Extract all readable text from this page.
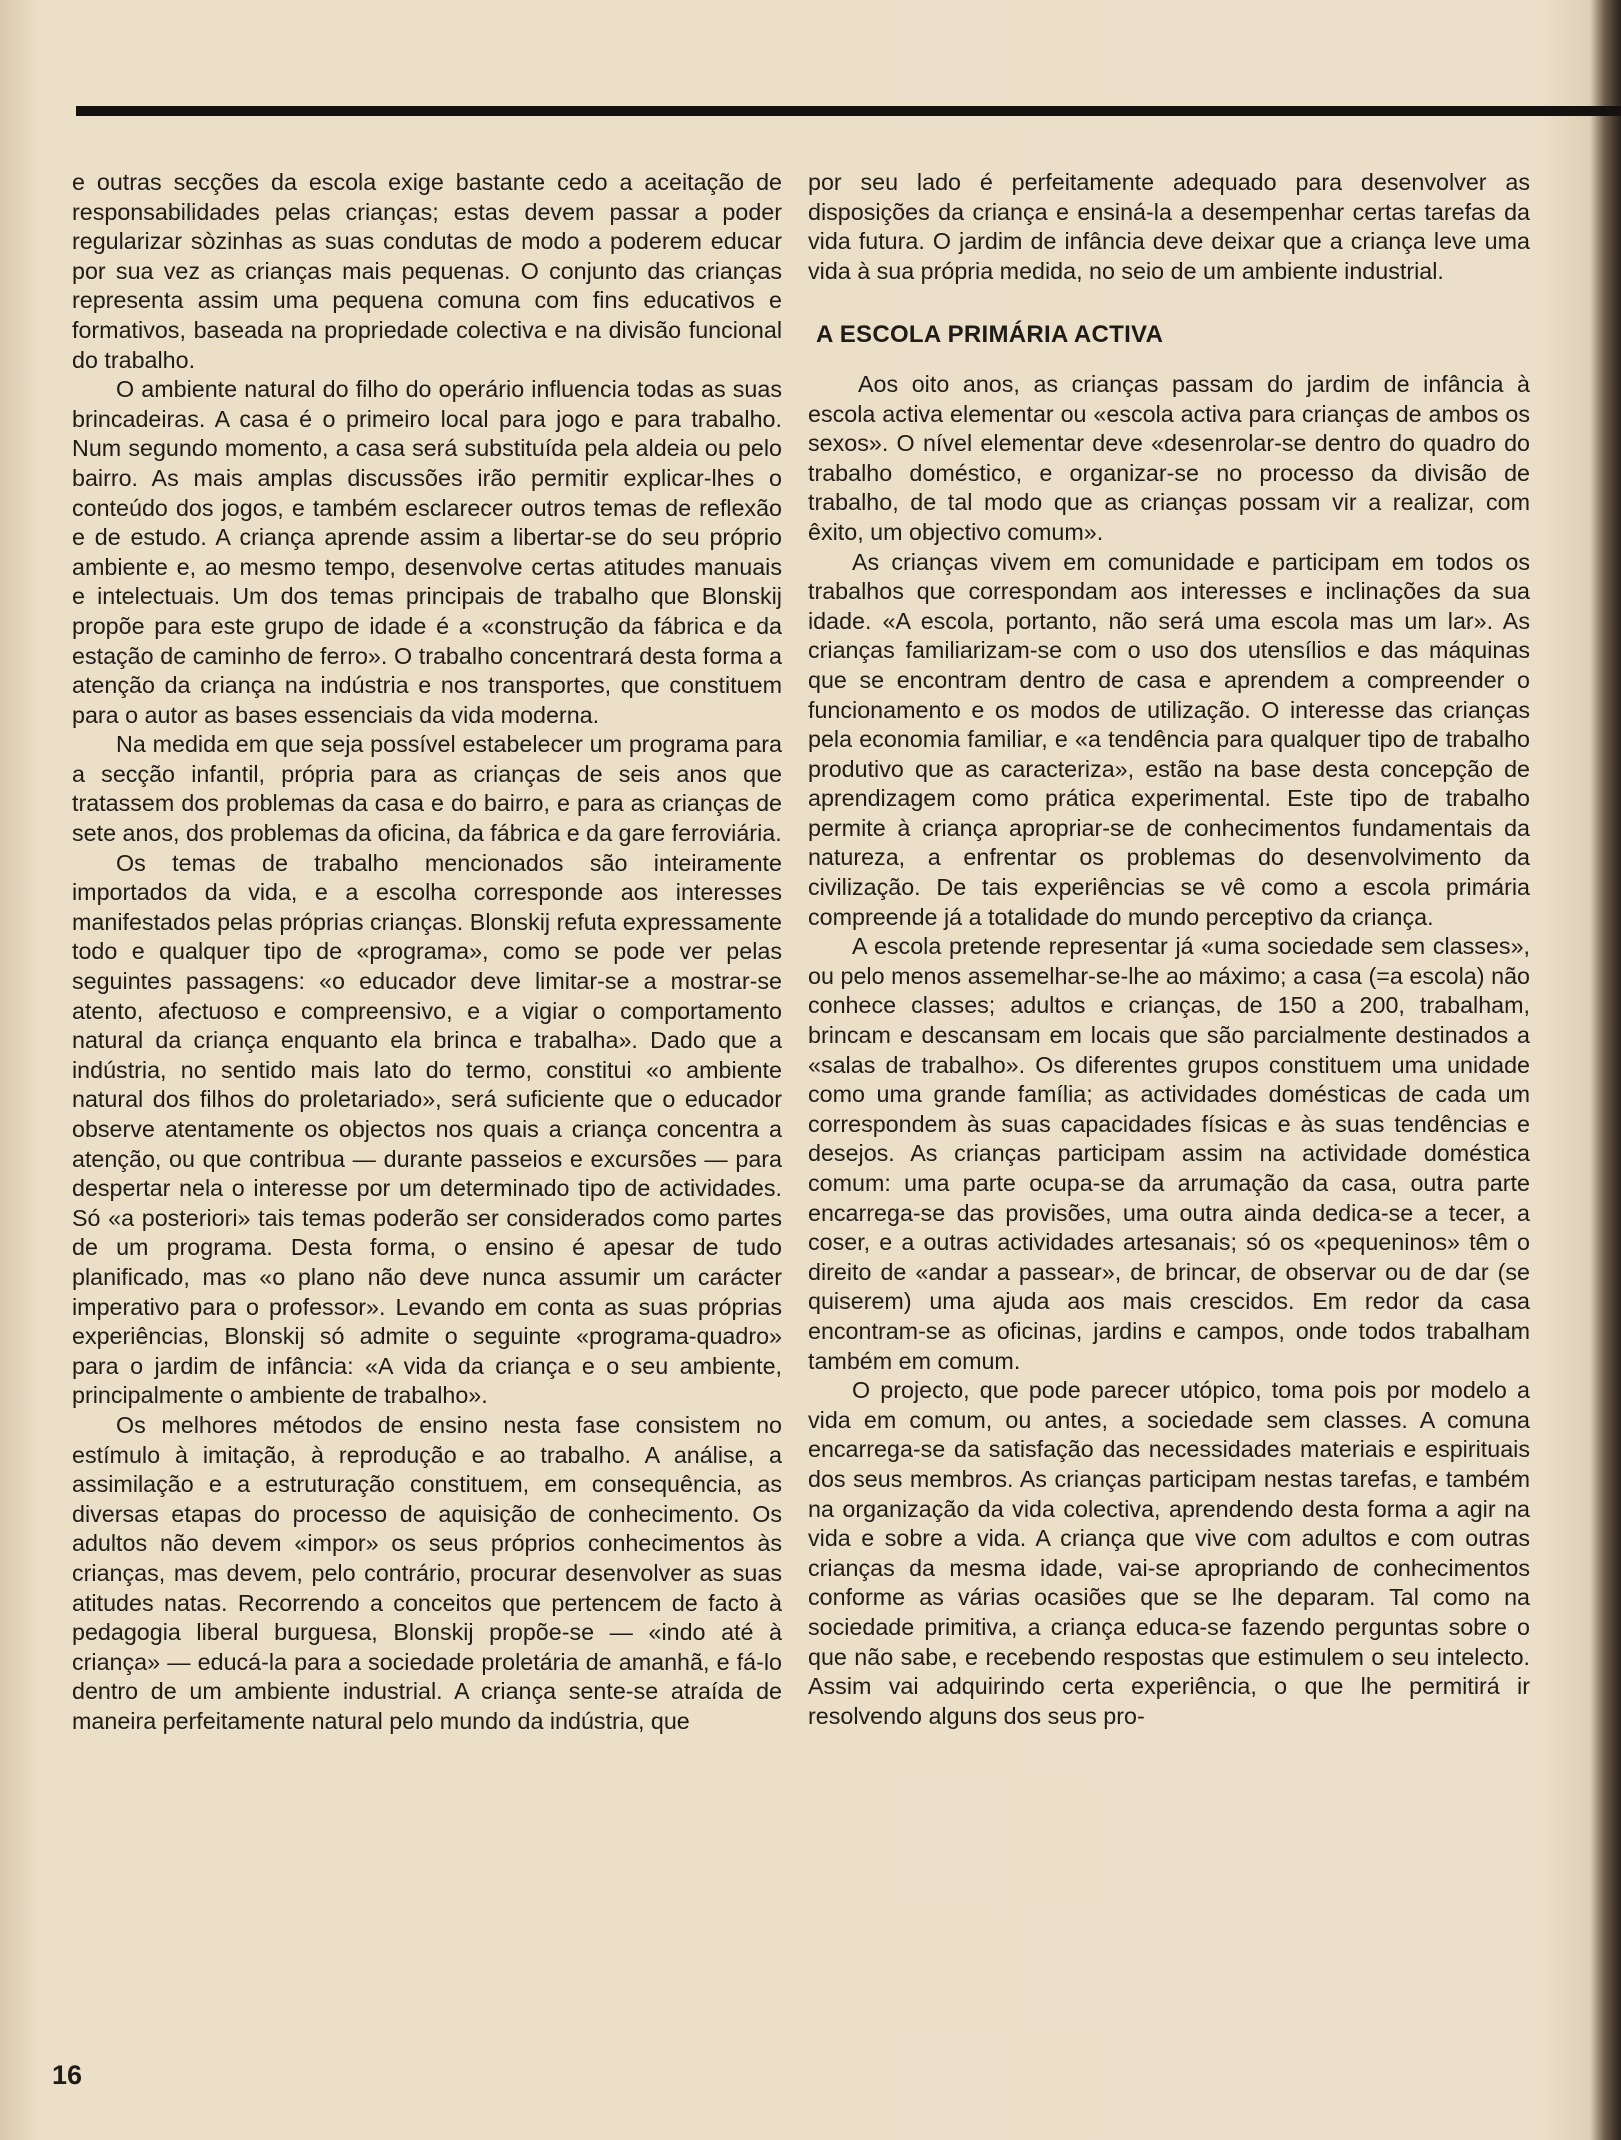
e outras secções da escola exige bastante cedo a aceitação de responsabilidades pelas crianças; estas devem passar a poder regularizar sòzinhas as suas condutas de modo a poderem educar por sua vez as crianças mais pequenas. O conjunto das crianças representa assim uma pequena comuna com fins educativos e formativos, baseada na propriedade colectiva e na divisão funcional do trabalho.

O ambiente natural do filho do operário influencia todas as suas brincadeiras. A casa é o primeiro local para jogo e para trabalho. Num segundo momento, a casa será substituída pela aldeia ou pelo bairro. As mais amplas discussões irão permitir explicar-lhes o conteúdo dos jogos, e também esclarecer outros temas de reflexão e de estudo. A criança aprende assim a libertar-se do seu próprio ambiente e, ao mesmo tempo, desenvolve certas atitudes manuais e intelectuais. Um dos temas principais de trabalho que Blonskij propõe para este grupo de idade é a «construção da fábrica e da estação de caminho de ferro». O trabalho concentrará desta forma a atenção da criança na indústria e nos transportes, que constituem para o autor as bases essenciais da vida moderna.

Na medida em que seja possível estabelecer um programa para a secção infantil, própria para as crianças de seis anos que tratassem dos problemas da casa e do bairro, e para as crianças de sete anos, dos problemas da oficina, da fábrica e da gare ferroviária.

Os temas de trabalho mencionados são inteiramente importados da vida, e a escolha corresponde aos interesses manifestados pelas próprias crianças. Blonskij refuta expressamente todo e qualquer tipo de «programa», como se pode ver pelas seguintes passagens: «o educador deve limitar-se a mostrar-se atento, afectuoso e compreensivo, e a vigiar o comportamento natural da criança enquanto ela brinca e trabalha». Dado que a indústria, no sentido mais lato do termo, constitui «o ambiente natural dos filhos do proletariado», será suficiente que o educador observe atentamente os objectos nos quais a criança concentra a atenção, ou que contribua — durante passeios e excursões — para despertar nela o interesse por um determinado tipo de actividades. Só «a posteriori» tais temas poderão ser considerados como partes de um programa. Desta forma, o ensino é apesar de tudo planificado, mas «o plano não deve nunca assumir um carácter imperativo para o professor». Levando em conta as suas próprias experiências, Blonskij só admite o seguinte «programa-quadro» para o jardim de infância: «A vida da criança e o seu ambiente, principalmente o ambiente de trabalho».

Os melhores métodos de ensino nesta fase consistem no estímulo à imitação, à reprodução e ao trabalho. A análise, a assimilação e a estruturação constituem, em consequência, as diversas etapas do processo de aquisição de conhecimento. Os adultos não devem «impor» os seus próprios conhecimentos às crianças, mas devem, pelo contrário, procurar desenvolver as suas atitudes natas. Recorrendo a conceitos que pertencem de facto à pedagogia liberal burguesa, Blonskij propõe-se — «indo até à criança» — educá-la para a sociedade proletária de amanhã, e fá-lo dentro de um ambiente industrial. A criança sente-se atraída de maneira perfeitamente natural pelo mundo da indústria, que

por seu lado é perfeitamente adequado para desenvolver as disposições da criança e ensiná-la a desempenhar certas tarefas da vida futura. O jardim de infância deve deixar que a criança leve uma vida à sua própria medida, no seio de um ambiente industrial.

A ESCOLA PRIMÁRIA ACTIVA

Aos oito anos, as crianças passam do jardim de infância à escola activa elementar ou «escola activa para crianças de ambos os sexos». O nível elementar deve «desenrolar-se dentro do quadro do trabalho doméstico, e organizar-se no processo da divisão de trabalho, de tal modo que as crianças possam vir a realizar, com êxito, um objectivo comum».

As crianças vivem em comunidade e participam em todos os trabalhos que correspondam aos interesses e inclinações da sua idade. «A escola, portanto, não será uma escola mas um lar». As crianças familiarizam-se com o uso dos utensílios e das máquinas que se encontram dentro de casa e aprendem a compreender o funcionamento e os modos de utilização. O interesse das crianças pela economia familiar, e «a tendência para qualquer tipo de trabalho produtivo que as caracteriza», estão na base desta concepção de aprendizagem como prática experimental. Este tipo de trabalho permite à criança apropriar-se de conhecimentos fundamentais da natureza, a enfrentar os problemas do desenvolvimento da civilização. De tais experiências se vê como a escola primária compreende já a totalidade do mundo perceptivo da criança.

A escola pretende representar já «uma sociedade sem classes», ou pelo menos assemelhar-se-lhe ao máximo; a casa (=a escola) não conhece classes; adultos e crianças, de 150 a 200, trabalham, brincam e descansam em locais que são parcialmente destinados a «salas de trabalho». Os diferentes grupos constituem uma unidade como uma grande família; as actividades domésticas de cada um correspondem às suas capacidades físicas e às suas tendências e desejos. As crianças participam assim na actividade doméstica comum: uma parte ocupa-se da arrumação da casa, outra parte encarrega-se das provisões, uma outra ainda dedica-se a tecer, a coser, e a outras actividades artesanais; só os «pequeninos» têm o direito de «andar a passear», de brincar, de observar ou de dar (se quiserem) uma ajuda aos mais crescidos. Em redor da casa encontram-se as oficinas, jardins e campos, onde todos trabalham também em comum.

O projecto, que pode parecer utópico, toma pois por modelo a vida em comum, ou antes, a sociedade sem classes. A comuna encarrega-se da satisfação das necessidades materiais e espirituais dos seus membros. As crianças participam nestas tarefas, e também na organização da vida colectiva, aprendendo desta forma a agir na vida e sobre a vida. A criança que vive com adultos e com outras crianças da mesma idade, vai-se apropriando de conhecimentos conforme as várias ocasiões que se lhe deparam. Tal como na sociedade primitiva, a criança educa-se fazendo perguntas sobre o que não sabe, e recebendo respostas que estimulem o seu intelecto. Assim vai adquirindo certa experiência, o que lhe permitirá ir resolvendo alguns dos seus pro-

16
